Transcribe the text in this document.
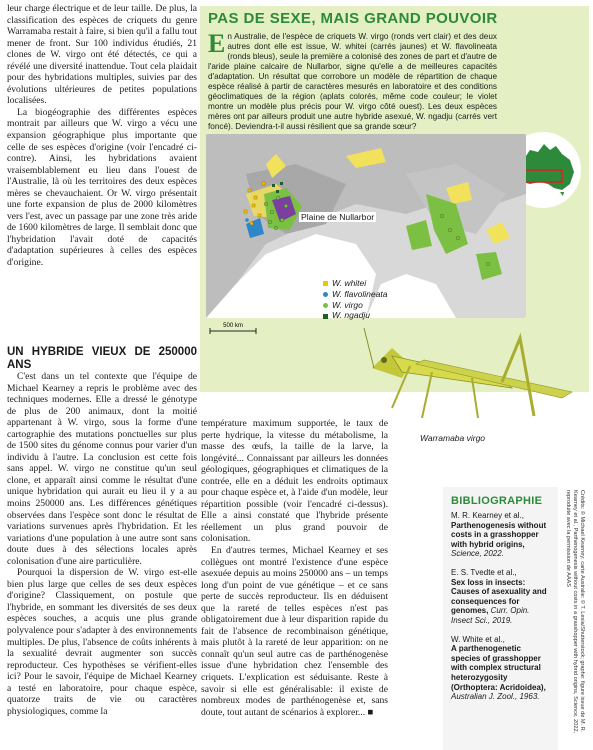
leur charge électrique et de leur taille. De plus, la classification des espèces de criquets du genre Warramaba restait à faire, si bien qu'il a fallu tout mener de front. Sur 100 individus étudiés, 21 clones de W. virgo ont été détectés, ce qui a révélé une diversité inattendue. Tout cela plaidait pour des hybridations multiples, suivies par des évolutions ultérieures de petites populations localisées.

La biogéographie des différentes espèces montrait par ailleurs que W. virgo a vécu une expansion géographique plus importante que celle de ses espèces d'origine (voir l'encadré ci-contre). Ainsi, les hybridations avaient vraisemblablement eu lieu dans l'ouest de l'Australie, là où les territoires des deux espèces mères se chevauchaient. Or W. virgo présentait une forte expansion de plus de 2000 kilomètres vers l'est, avec un passage par une zone très aride de 1600 kilomètres de large. Il semblait donc que l'hybridation l'avait doté de capacités d'adaptation supérieures à celles des espèces d'origine.

UN HYBRIDE VIEUX DE 250000 ANS

C'est dans un tel contexte que l'équipe de Michael Kearney a repris le problème avec des techniques modernes. Elle a dressé le génotype de plus de 200 animaux, dont la moitié appartenant à W. virgo, sous la forme d'une cartographie des mutations ponctuelles sur plus de 1500 sites du génome connus pour varier d'un individu à l'autre. La conclusion est cette fois sans appel. W. virgo ne constitue qu'un seul clone, et apparaît ainsi comme le résultat d'une unique hybridation qui aurait eu lieu il y a au moins 250000 ans. Les différences génétiques observées dans l'espèce sont donc le résultat de variations survenues après l'hybridation. Et les variations d'une population à une autre sont sans doute dues à des sélections locales après colonisation d'une aire particulière.

Pourquoi la dispersion de W. virgo est-elle bien plus large que celles de ses deux espèces d'origine? Classiquement, on postule que l'hybride, en sommant les diversités de ses deux espèces souches, a acquis une plus grande polyvalence pour s'adapter à des environnements multiples. De plus, l'absence de coûts inhérents à la sexualité devrait augmenter son succès reproducteur. Ces hypothèses se vérifient-elles ici? Pour le savoir, l'équipe de Michael Kearney a testé en laboratoire, pour chaque espèce, quatorze traits de vie ou caractères physiologiques, comme la

température maximum supportée, le taux de perte hydrique, la vitesse du métabolisme, la masse des œufs, la taille de la larve, la longévité... Connaissant par ailleurs les données géologiques, géographiques et climatiques de la contrée, elle en a déduit les endroits optimaux pour chaque espèce et, à l'aide d'un modèle, leur répartition possible (voir l'encadré ci-dessus). Elle a ainsi constaté que l'hybride présente réellement un plus grand pouvoir de colonisation.

En d'autres termes, Michael Kearney et ses collègues ont montré l'existence d'une espèce asexuée depuis au moins 250000 ans – un temps long d'un point de vue génétique – et ce sans perte de succès reproducteur. Ils en déduisent que la rareté de telles espèces n'est pas obligatoirement due à leur disparition rapide du fait de l'absence de recombinaison génétique, mais plutôt à la rareté de leur apparition: on ne connaît qu'un seul autre cas de parthénogenèse issue d'une hybridation chez l'ensemble des criquets. L'explication est séduisante. Reste à savoir si elle est généralisable: il existe de nombreux modes de parthénogenèse et, sans doute, tout autant de scénarios à explorer... ■

PAS DE SEXE, MAIS GRAND POUVOIR
En Australie, de l'espèce de criquets W. virgo (ronds vert clair) et des deux autres dont elle est issue, W. whitei (carrés jaunes) et W. flavolineata (ronds bleus), seule la première a colonisé des zones de part et d'autre de l'aride plaine calcaire de Nullarbor, signe qu'elle a de meilleures capacités d'adaptation. Un résultat que corrobore un modèle de répartition de chaque espèce réalisé à partir de caractères mesurés en laboratoire et des conditions géoclimatiques de la région (aplats colorés, même code couleur; le violet montre un modèle plus précis pour W. virgo côté ouest). Les deux espèces mères ont par ailleurs produit une autre hybride asexué, W. ngadju (carrés vert foncé). Deviendra-t-il aussi résilient que sa grande sœur?
Plaine de Nullarbor
W. whitei
W. flavolineata
W. virgo
W. ngadju
500 km
Warramaba virgo
BIBLIOGRAPHIE
M. R. Kearney et al.,
Parthenogenesis without costs in a grasshopper with hybrid origins, Science, 2022.
E. S. Tvedte et al.,
Sex loss in insects: Causes of asexuality and consequences for genomes, Curr. Opin. Insect Sci., 2019.
W. White et al.,
A parthenogenetic species of grasshopper with complex structural heterozygosity (Orthoptera: Acridoidea), Australian J. Zool., 1963.	Crédits: © Michael Kearney; carte Australie: © T. Lesia/Shutterstock; graphe: figure issue de M. R. Kearney et al., Parthenogenesis without costs in a grasshopper with hybrid origins, Science, 2022, reproduite avec la permission de AAAS
